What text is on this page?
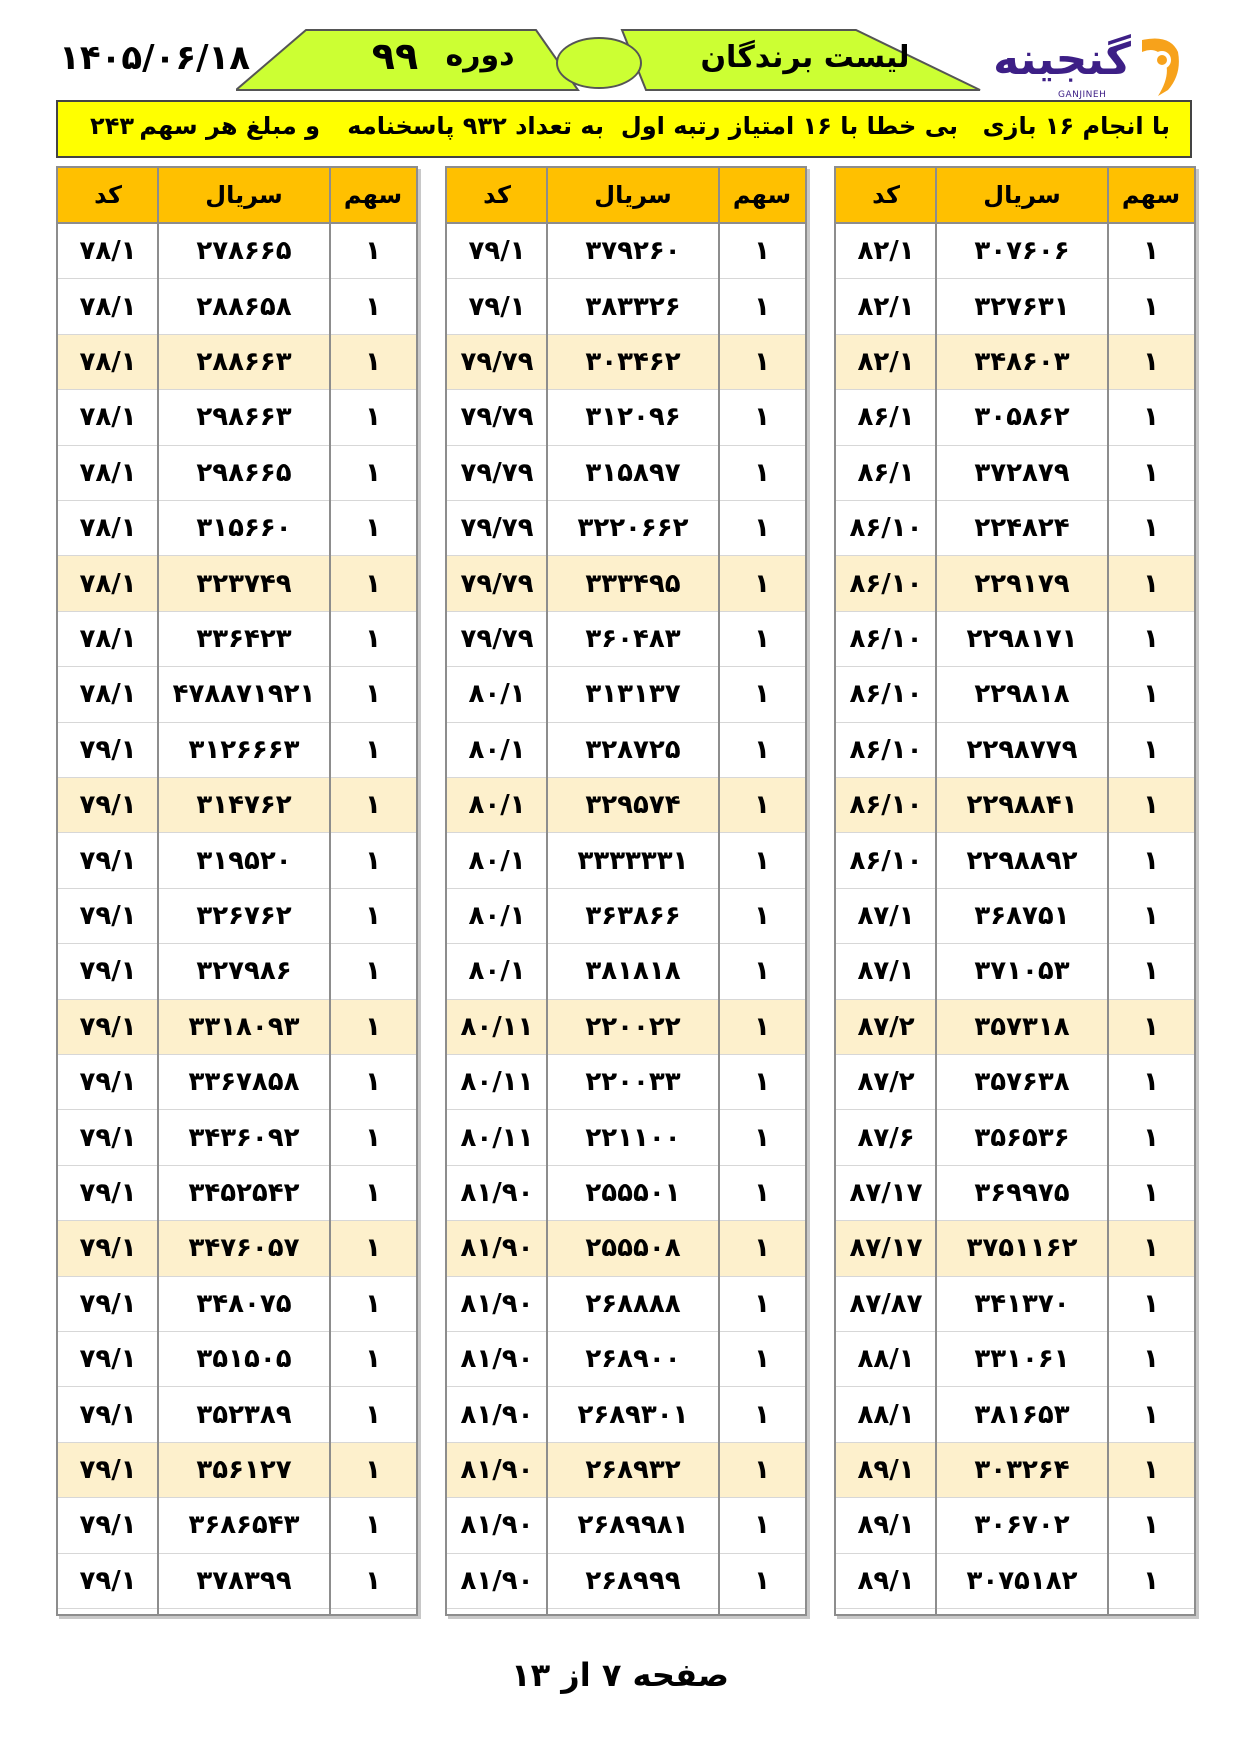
۱۴۰۵/۰۶/۱۸	دوره
۹۹	لیست برندگان گنجینه
GANJINEH
با انجام ۱۶ بازی
بی خطا با ۱۶ امتیاز رتبه اول
به تعداد ۹۳۲ پاسخنامه
و مبلغ هر سهم
۲۴۳
کد	سریال	سهم
۸۲/۱	۳۰۷۶۰۶	۱
۸۲/۱	۳۲۷۶۳۱	۱
۸۲/۱	۳۴۸۶۰۳	۱
۸۶/۱	۳۰۵۸۶۲	۱
۸۶/۱	۳۷۲۸۷۹	۱
۸۶/۱۰	۲۲۴۸۲۴	۱
۸۶/۱۰	۲۲۹۱۷۹	۱
۸۶/۱۰	۲۲۹۸۱۷۱	۱
۸۶/۱۰	۲۲۹۸۱۸	۱
۸۶/۱۰	۲۲۹۸۷۷۹	۱
۸۶/۱۰	۲۲۹۸۸۴۱	۱
۸۶/۱۰	۲۲۹۸۸۹۲	۱
۸۷/۱	۳۶۸۷۵۱	۱
۸۷/۱	۳۷۱۰۵۳	۱
۸۷/۲	۳۵۷۳۱۸	۱
۸۷/۲	۳۵۷۶۳۸	۱
۸۷/۶	۳۵۶۵۳۶	۱
۸۷/۱۷	۳۶۹۹۷۵	۱
۸۷/۱۷	۳۷۵۱۱۶۲	۱
۸۷/۸۷	۳۴۱۳۷۰	۱
۸۸/۱	۳۳۱۰۶۱	۱
۸۸/۱	۳۸۱۶۵۳	۱
۸۹/۱	۳۰۳۲۶۴	۱
۸۹/۱	۳۰۶۷۰۲	۱
۸۹/۱	۳۰۷۵۱۸۲	۱
کد	سریال	سهم
۷۹/۱	۳۷۹۲۶۰	۱
۷۹/۱	۳۸۳۳۲۶	۱
۷۹/۷۹	۳۰۳۴۶۲	۱
۷۹/۷۹	۳۱۲۰۹۶	۱
۷۹/۷۹	۳۱۵۸۹۷	۱
۷۹/۷۹	۳۲۲۰۶۶۲	۱
۷۹/۷۹	۳۳۳۴۹۵	۱
۷۹/۷۹	۳۶۰۴۸۳	۱
۸۰/۱	۳۱۳۱۳۷	۱
۸۰/۱	۳۲۸۷۲۵	۱
۸۰/۱	۳۲۹۵۷۴	۱
۸۰/۱	۳۳۳۳۳۳۱	۱
۸۰/۱	۳۶۳۸۶۶	۱
۸۰/۱	۳۸۱۸۱۸	۱
۸۰/۱۱	۲۲۰۰۲۲	۱
۸۰/۱۱	۲۲۰۰۳۳	۱
۸۰/۱۱	۲۲۱۱۰۰	۱
۸۱/۹۰	۲۵۵۵۰۱	۱
۸۱/۹۰	۲۵۵۵۰۸	۱
۸۱/۹۰	۲۶۸۸۸۸	۱
۸۱/۹۰	۲۶۸۹۰۰	۱
۸۱/۹۰	۲۶۸۹۳۰۱	۱
۸۱/۹۰	۲۶۸۹۳۲	۱
۸۱/۹۰	۲۶۸۹۹۸۱	۱
۸۱/۹۰	۲۶۸۹۹۹	۱
کد	سریال	سهم
۷۸/۱	۲۷۸۶۶۵	۱
۷۸/۱	۲۸۸۶۵۸	۱
۷۸/۱	۲۸۸۶۶۳	۱
۷۸/۱	۲۹۸۶۶۳	۱
۷۸/۱	۲۹۸۶۶۵	۱
۷۸/۱	۳۱۵۶۶۰	۱
۷۸/۱	۳۲۳۷۴۹	۱
۷۸/۱	۳۳۶۴۲۳	۱
۷۸/۱	۴۷۸۸۷۱۹۲۱	۱
۷۹/۱	۳۱۲۶۶۶۳	۱
۷۹/۱	۳۱۴۷۶۲	۱
۷۹/۱	۳۱۹۵۲۰	۱
۷۹/۱	۳۲۶۷۶۲	۱
۷۹/۱	۳۲۷۹۸۶	۱
۷۹/۱	۳۳۱۸۰۹۳	۱
۷۹/۱	۳۳۶۷۸۵۸	۱
۷۹/۱	۳۴۳۶۰۹۲	۱
۷۹/۱	۳۴۵۲۵۴۲	۱
۷۹/۱	۳۴۷۶۰۵۷	۱
۷۹/۱	۳۴۸۰۷۵	۱
۷۹/۱	۳۵۱۵۰۵	۱
۷۹/۱	۳۵۲۳۸۹	۱
۷۹/۱	۳۵۶۱۲۷	۱
۷۹/۱	۳۶۸۶۵۴۳	۱
۷۹/۱	۳۷۸۳۹۹	۱
صفحه ۷ از ۱۳
